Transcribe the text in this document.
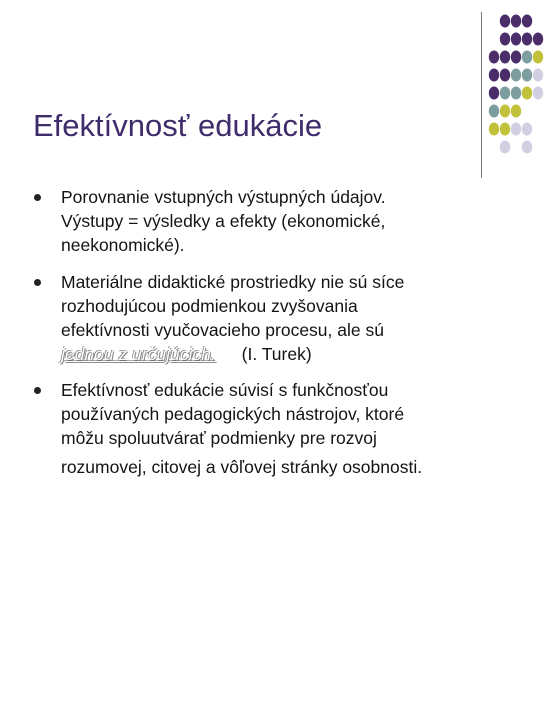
Efektívnosť edukácie
Porovnanie vstupných výstupných údajov.
Výstupy = výsledky a efekty (ekonomické,
neekonomické).
Materiálne didaktické prostriedky nie sú síce
rozhodujúcou podmienkou zvyšovania
efektívnosti vyučovacieho procesu, ale sú
jednou z určujúcich. (I. Turek)
Efektívnosť edukácie súvisí s funkčnosťou
používaných pedagogických nástrojov, ktoré
môžu spoluutvárať podmienky pre rozvoj
rozumovej, citovej a vôľovej stránky osobnosti.
